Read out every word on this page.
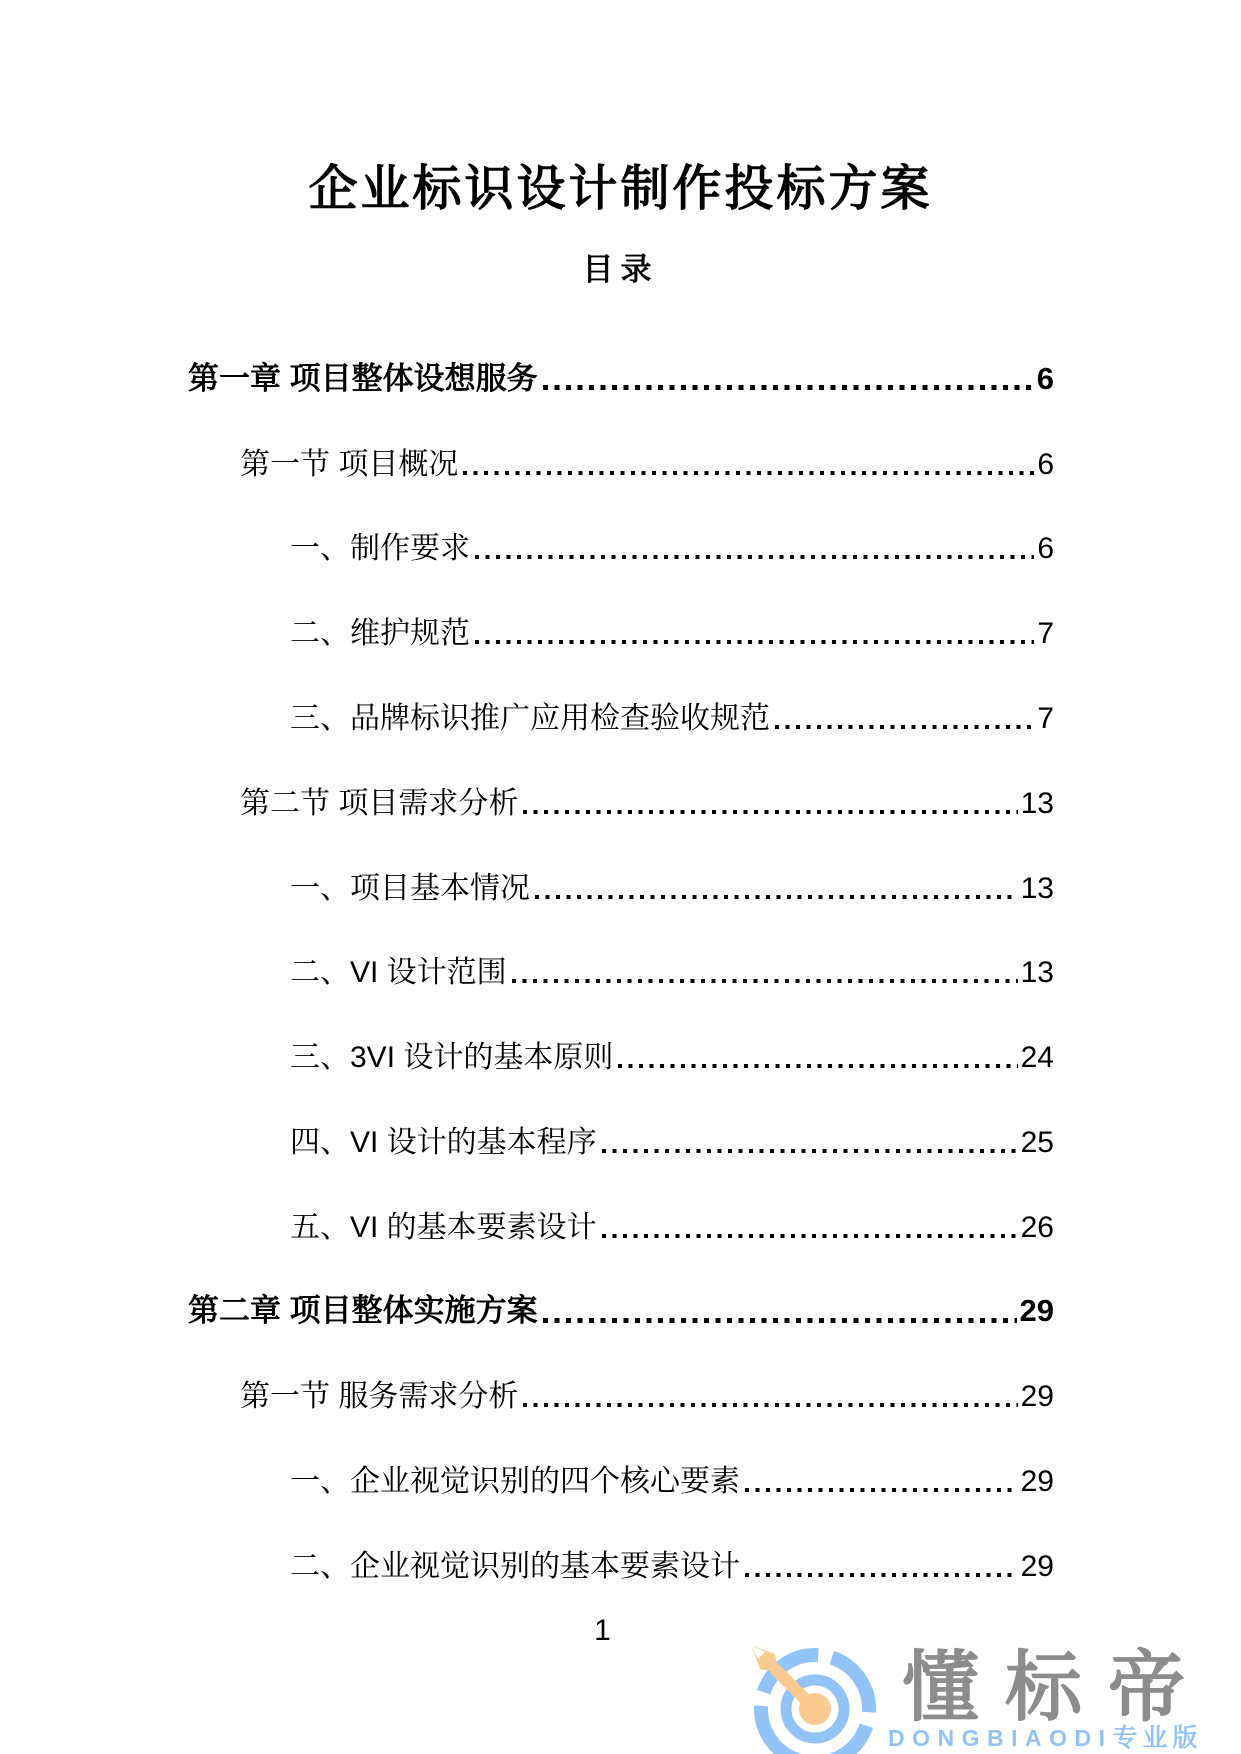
企业标识设计制作投标方案
目录
第一章 项目整体设想服务	6
第一节 项目概况	6
一、制作要求	6
二、维护规范	7
三、品牌标识推广应用检查验收规范	7
第二节 项目需求分析	13
一、项目基本情况	13
二、VI 设计范围	13
三、3VI 设计的基本原则	24
四、VI 设计的基本程序	25
五、VI 的基本要素设计	26
第二章 项目整体实施方案	29
第一节 服务需求分析	29
一、企业视觉识别的四个核心要素	29
二、企业视觉识别的基本要素设计	29
1
懂标帝
DONGBIAODI专业版
